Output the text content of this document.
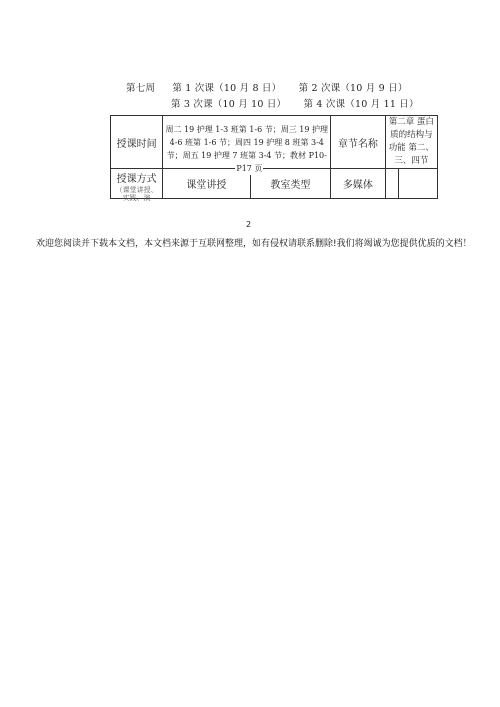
第七周 第 1 次课（10 月 8 日） 第 2 次课（10 月 9 日）
第 3 次课（10 月 10 日） 第 4 次课（10 月 11 日）
授课时间	周二 19 护理 1-3 班第 1-6 节；周三 19 护理
4-6 班第 1-6 节；周四 19 护理 8 班第 3-4
节；周五 19 护理 7 班第 3-4 节；教材 P10-
P17 页		章节名称	第二章 蛋白质的结构与功能 第二、三、四节	

授课方式
（课堂讲授、实践、演	课堂讲授	教室类型	多媒体		
2
欢迎您阅读并下载本文档，本文档来源于互联网整理，如有侵权请联系删除!我们将竭诚为您提供优质的文档！
